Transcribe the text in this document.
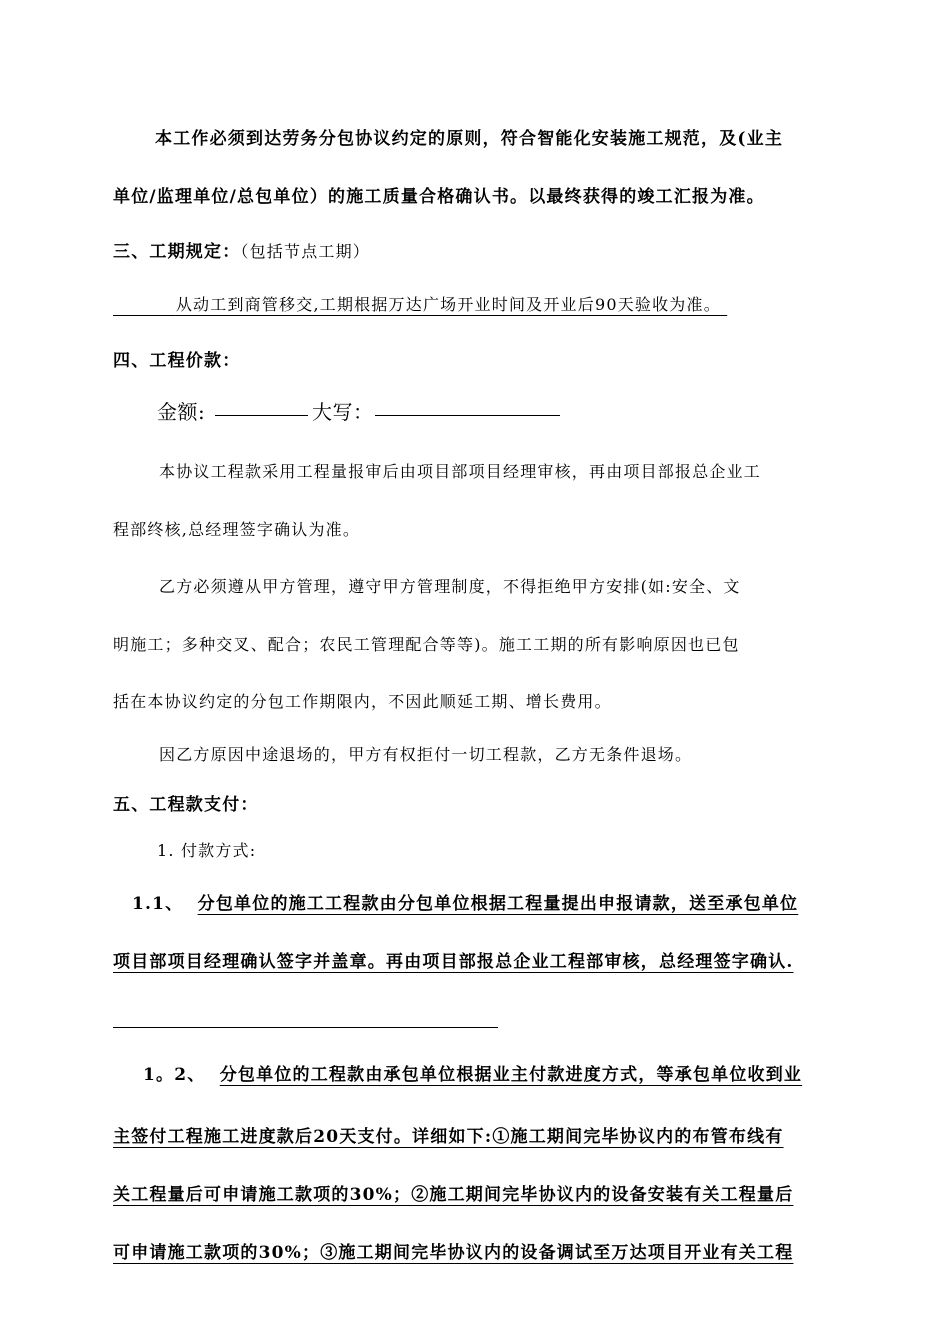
本工作必须到达劳务分包协议约定的原则，符合智能化安装施工规范，及(业主
单位/监理单位/总包单位）的施工质量合格确认书。以最终获得的竣工汇报为准。
三、工期规定：（包括节点工期）
从动工到商管移交,工期根据万达广场开业时间及开业后90天验收为准。
四、工程价款：
金额:	大写：
本协议工程款采用工程量报审后由项目部项目经理审核，再由项目部报总企业工
程部终核,总经理签字确认为准。
乙方必须遵从甲方管理，遵守甲方管理制度，不得拒绝甲方安排(如:安全、文
明施工；多种交叉、配合；农民工管理配合等等)。施工工期的所有影响原因也已包
括在本协议约定的分包工作期限内，不因此顺延工期、增长费用。
因乙方原因中途退场的，甲方有权拒付一切工程款，乙方无条件退场。
五、工程款支付：
1. 付款方式:
1.1、 分包单位的施工工程款由分包单位根据工程量提出申报请款，送至承包单位
项目部项目经理确认签字并盖章。再由项目部报总企业工程部审核，总经理签字确认.
1。2、 分包单位的工程款由承包单位根据业主付款进度方式，等承包单位收到业
主签付工程施工进度款后20天支付。详细如下:①施工期间完毕协议内的布管布线有
关工程量后可申请施工款项的30%；②施工期间完毕协议内的设备安装有关工程量后
可申请施工款项的30%；③施工期间完毕协议内的设备调试至万达项目开业有关工程
